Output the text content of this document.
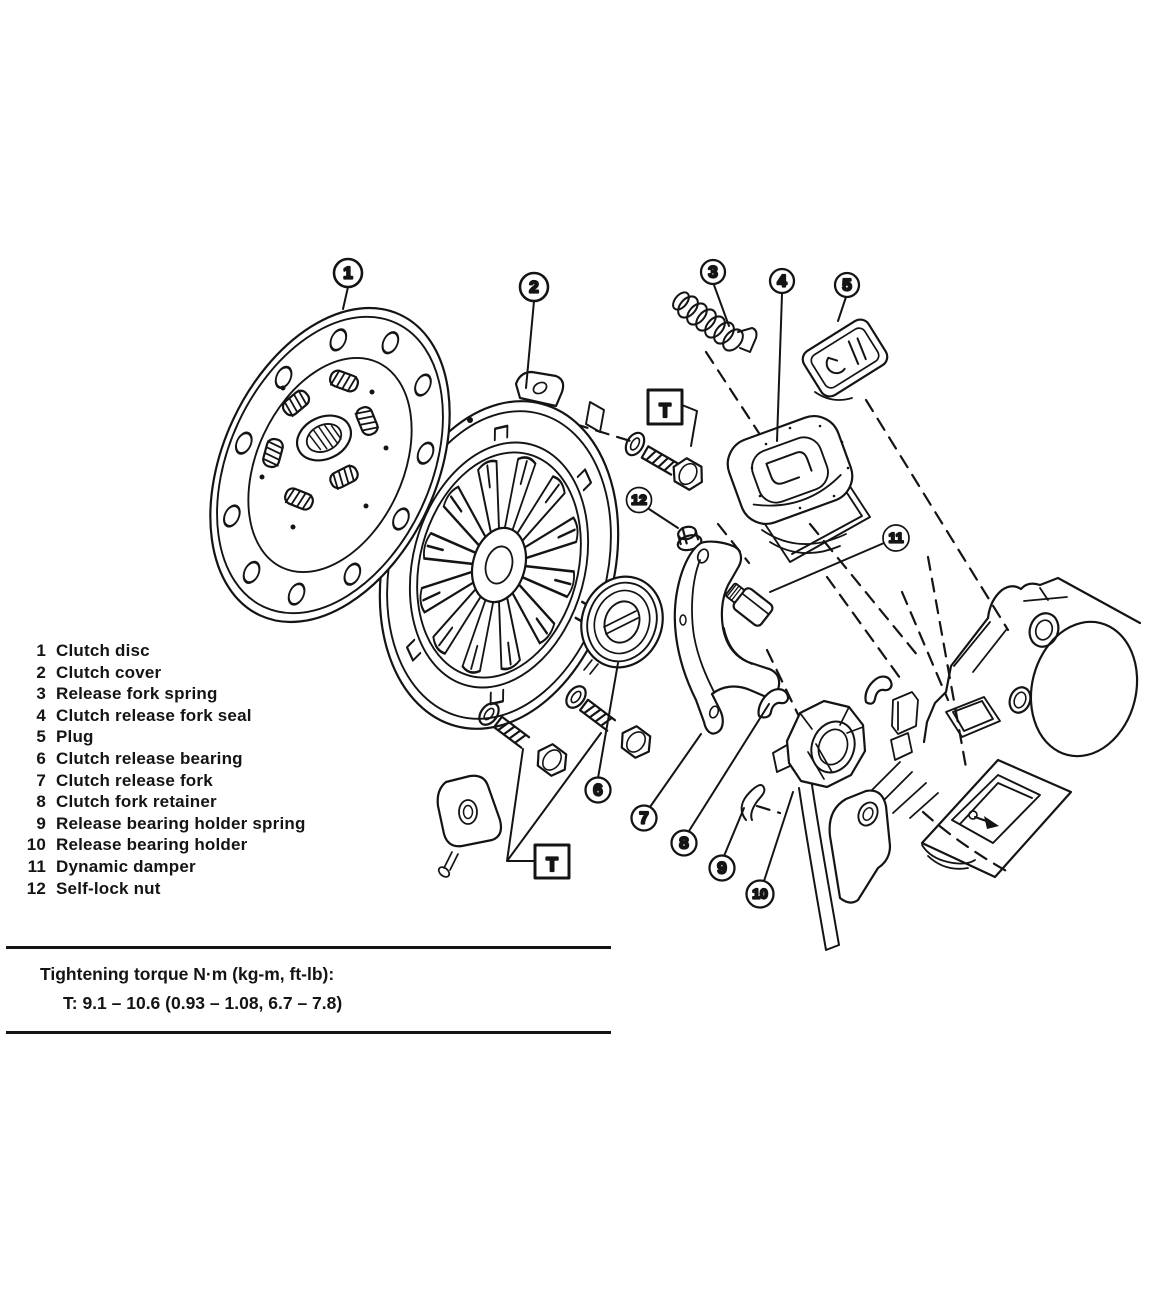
T
T
1
2
3	4	5
6
7
8
9
10
11
12
1 Clutch disc
2 Clutch cover
3 Release fork spring
4 Clutch release fork seal
5 Plug
6 Clutch release bearing
7 Clutch release fork
8 Clutch fork retainer
9 Release bearing holder spring
10 Release bearing holder
11 Dynamic damper
12 Self-lock nut
Tightening torque N·m (kg-m, ft-lb):
T: 9.1 – 10.6 (0.93 – 1.08, 6.7 – 7.8)
